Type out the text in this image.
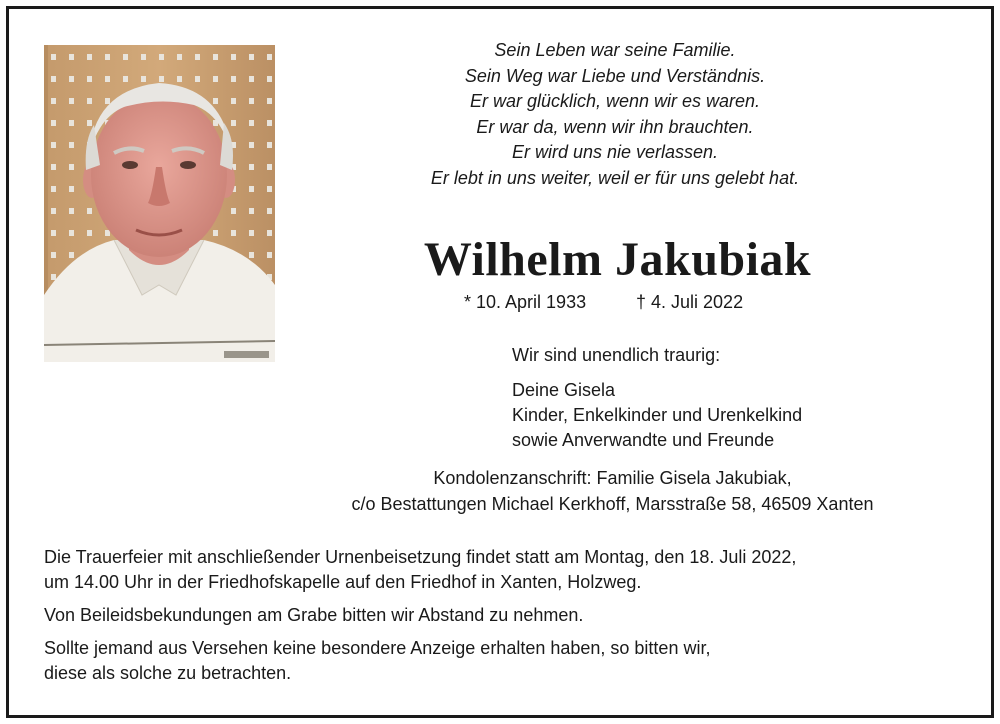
Sein Leben war seine Familie.
Sein Weg war Liebe und Verständnis.
Er war glücklich, wenn wir es waren.
Er war da, wenn wir ihn brauchten.
Er wird uns nie verlassen.
Er lebt in uns weiter, weil er für uns gelebt hat.
Wilhelm Jakubiak
* 10. April 1933	† 4. Juli 2022
Wir sind unendlich traurig:
Deine Gisela
Kinder, Enkelkinder und Urenkelkind
sowie Anverwandte und Freunde
Kondolenzanschrift: Familie Gisela Jakubiak,
c/o Bestattungen Michael Kerkhoff, Marsstraße 58, 46509 Xanten

Die Trauerfeier mit anschließender Urnenbeisetzung findet statt am Montag, den 18. Juli 2022,
um 14.00 Uhr in der Friedhofskapelle auf den Friedhof in Xanten, Holzweg.

Von Beileidsbekundungen am Grabe bitten wir Abstand zu nehmen.

Sollte jemand aus Versehen keine besondere Anzeige erhalten haben, so bitten wir,
diese als solche zu betrachten.
